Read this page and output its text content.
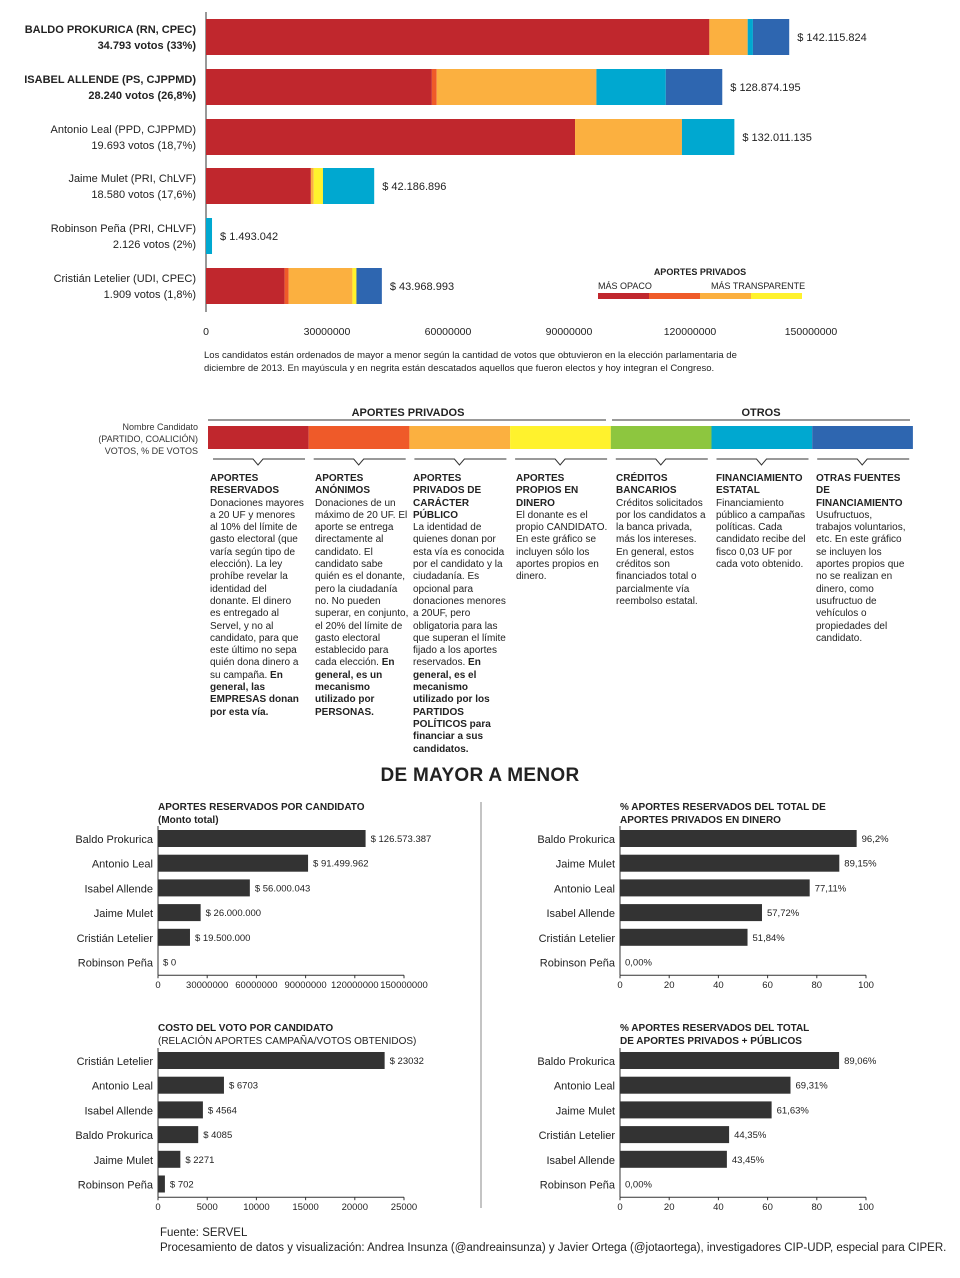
$ 142.115.824
BALDO PROKURICA (RN, CPEC)
34.793 votos (33%)
$ 128.874.195
ISABEL ALLENDE (PS, CJPPMD)
28.240 votos (26,8%)
$ 132.011.135
Antonio Leal (PPD, CJPPMD)
19.693 votos (18,7%)
$ 42.186.896
Jaime Mulet (PRI, ChLVF)
18.580 votos (17,6%)
$ 1.493.042
Robinson Peña (PRI, CHLVF)
2.126 votos (2%)
$ 43.968.993
Cristián Letelier (UDI, CPEC)
1.909 votos (1,8%)
0	30000000	60000000	90000000	120000000	150000000
APORTES PRIVADOS
MÁS OPACO	MÁS TRANSPARENTE
APORTES PRIVADOS	OTROS
APORTES RESERVADOS POR CANDIDATO
(Monto total)
$ 126.573.387
Baldo Prokurica
$ 91.499.962
Antonio Leal
$ 56.000.043
Isabel Allende
$ 26.000.000
Jaime Mulet
$ 19.500.000
Cristián Letelier
$ 0
Robinson Peña
0	30000000 60000000 90000000 120000000 150000000
% APORTES RESERVADOS DEL TOTAL DE
APORTES PRIVADOS EN DINERO
96,2%
Baldo Prokurica
89,15%
Jaime Mulet
77,11%
Antonio Leal
57,72%
Isabel Allende
51,84%
Cristián Letelier
0,00%
Robinson Peña
0	20	40	60	80	100
COSTO DEL VOTO POR CANDIDATO
(RELACIÓN APORTES CAMPAÑA/VOTOS OBTENIDOS)
$ 23032
Cristián Letelier
$ 6703
Antonio Leal
$ 4564
Isabel Allende
$ 4085
Baldo Prokurica
$ 2271
Jaime Mulet
$ 702
Robinson Peña
0	5000	10000 15000 20000 25000
% APORTES RESERVADOS DEL TOTAL
DE APORTES PRIVADOS + PÚBLICOS
89,06%
Baldo Prokurica
69,31%
Antonio Leal
61,63%
Jaime Mulet
44,35%
Cristián Letelier
43,45%
Isabel Allende
0,00%
Robinson Peña
0	20	40	60	80	100
Los candidatos están ordenados de mayor a menor según la cantidad de votos que obtuvieron en la elección parlamentaria de diciembre de 2013. En mayúscula y en negrita están descatados aquellos que fueron electos y hoy integran el Congreso.
Nombre Candidato
(PARTIDO, COALICIÓN)
VOTOS, % DE VOTOS
APORTES RESERVADOS
Donaciones mayores a 20 UF y menores al 10% del límite de gasto electoral (que varía según tipo de elección). La ley prohíbe revelar la identidad del donante. El dinero es entregado al Servel, y no al candidato, para que este último no sepa quién dona dinero a su campaña. En general, las EMPRESAS donan por esta vía.
APORTES ANÓNIMOS
Donaciones de un máximo de 20 UF. El aporte se entrega directamente al candidato. El candidato sabe quién es el donante, pero la ciudadanía no. No pueden superar, en conjunto, el 20% del límite de gasto electoral establecido para cada elección. En general, es un mecanismo utilizado por PERSONAS.
APORTES PRIVADOS DE CARÁCTER PÚBLICO
La identidad de quienes donan por esta vía es conocida por el candidato y la ciudadanía. Es opcional para donaciones menores a 20UF, pero obligatoria para las que superan el límite fijado a los aportes reservados. En general, es el mecanismo utilizado por los PARTIDOS POLÍTICOS para financiar a sus candidatos.
APORTES PROPIOS EN DINERO
El donante es el propio CANDIDATO. En este gráfico se incluyen sólo los aportes propios en dinero.
CRÉDITOS BANCARIOS
Créditos solicitados por los candidatos a la banca privada, más los intereses. En general, estos créditos son financiados total o parcialmente vía reembolso estatal.
FINANCIAMIENTO ESTATAL
Financiamiento público a campañas políticas. Cada candidato recibe del fisco 0,03 UF por cada voto obtenido.
OTRAS FUENTES DE FINANCIAMIENTO
Usufructuos, trabajos voluntarios, etc. En este gráfico se incluyen los aportes propios que no se realizan en dinero, como usufructuo de vehículos o propiedades del candidato.
DE MAYOR A MENOR
Fuente: SERVEL
Procesamiento de datos y visualización: Andrea Insunza (@andreainsunza) y Javier Ortega (@jotaortega), investigadores CIP-UDP, especial para CIPER.
